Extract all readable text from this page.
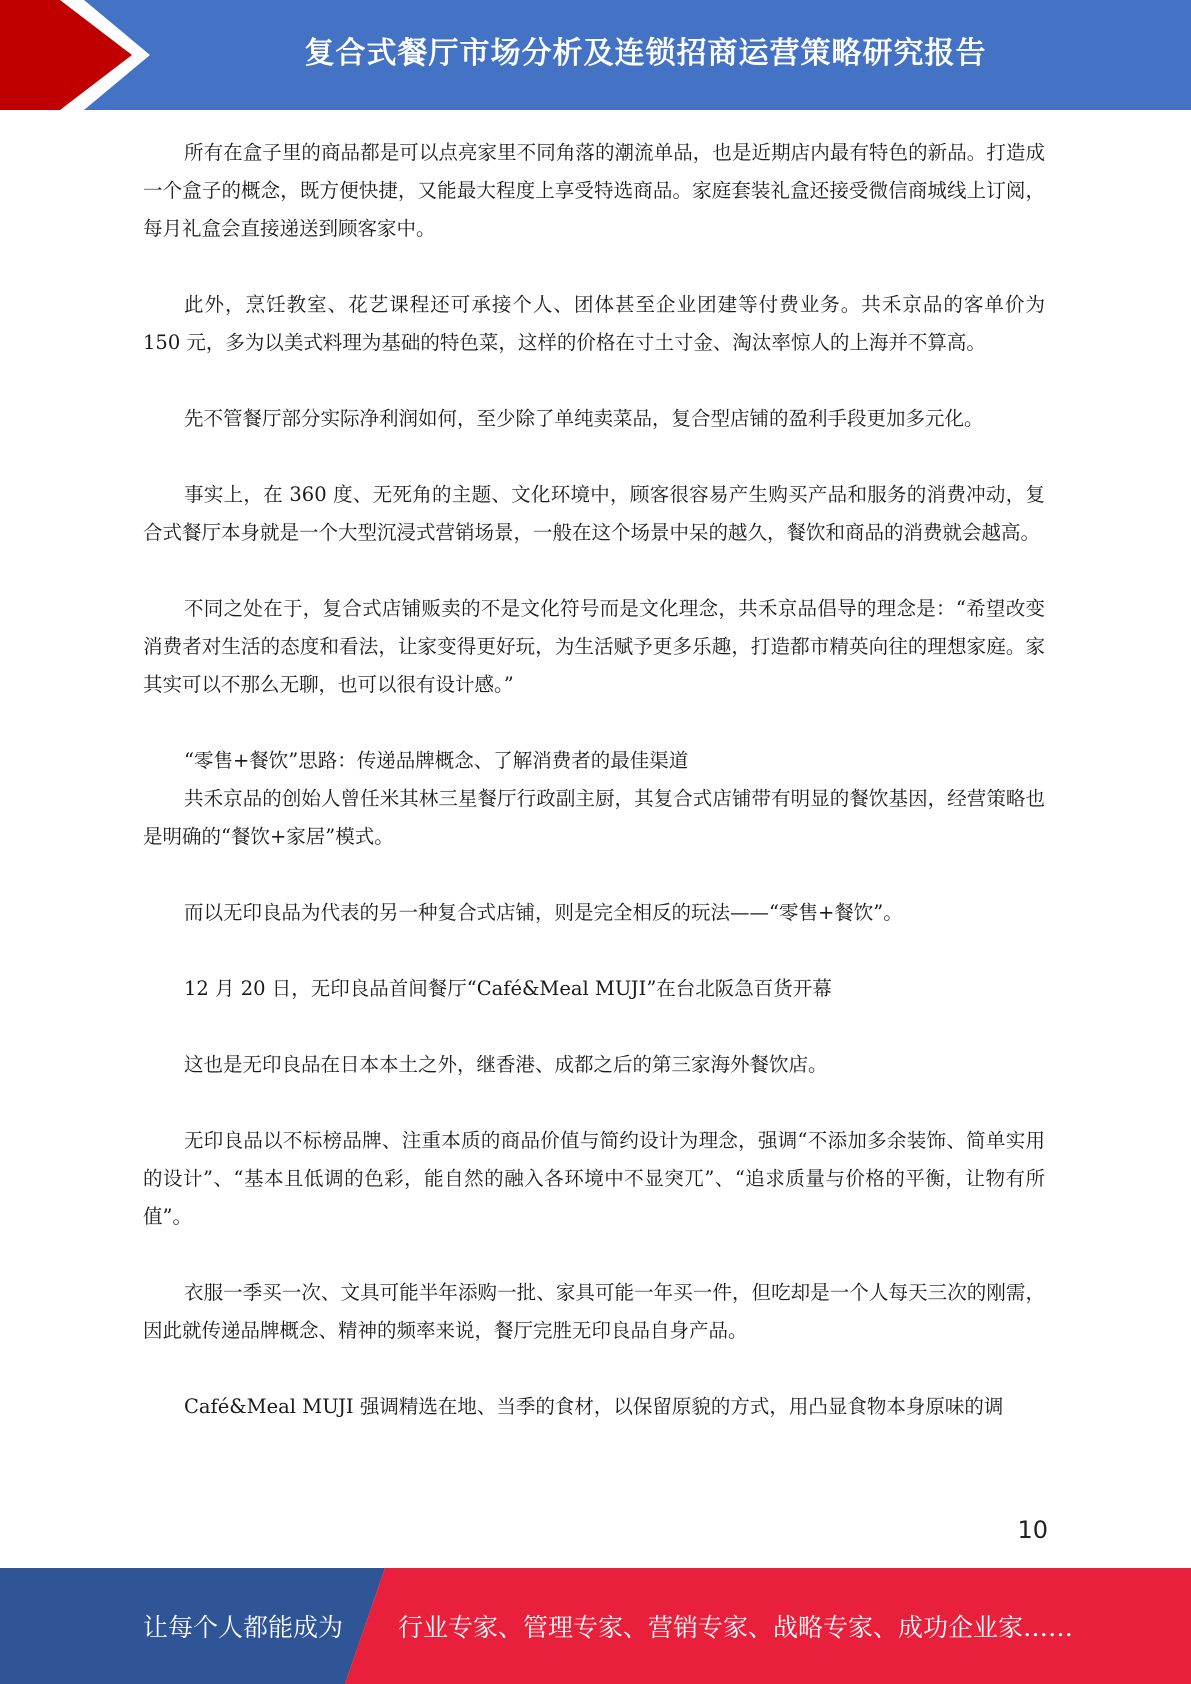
复合式餐厅市场分析及连锁招商运营策略研究报告

所有在盒子里的商品都是可以点亮家里不同角落的潮流单品，也是近期店内最有特色的新品。打造成一个盒子的概念，既方便快捷，又能最大程度上享受特选商品。家庭套装礼盒还接受微信商城线上订阅，每月礼盒会直接递送到顾客家中。

此外，烹饪教室、花艺课程还可承接个人、团体甚至企业团建等付费业务。共禾京品的客单价为 150 元，多为以美式料理为基础的特色菜，这样的价格在寸土寸金、淘汰率惊人的上海并不算高。

先不管餐厅部分实际净利润如何，至少除了单纯卖菜品，复合型店铺的盈利手段更加多元化。

事实上，在 360 度、无死角的主题、文化环境中，顾客很容易产生购买产品和服务的消费冲动，复合式餐厅本身就是一个大型沉浸式营销场景，一般在这个场景中呆的越久，餐饮和商品的消费就会越高。

不同之处在于，复合式店铺贩卖的不是文化符号而是文化理念，共禾京品倡导的理念是：“希望改变消费者对生活的态度和看法，让家变得更好玩，为生活赋予更多乐趣，打造都市精英向往的理想家庭。家其实可以不那么无聊，也可以很有设计感。”

“零售+餐饮”思路：传递品牌概念、了解消费者的最佳渠道

共禾京品的创始人曾任米其林三星餐厅行政副主厨，其复合式店铺带有明显的餐饮基因，经营策略也是明确的“餐饮+家居”模式。

而以无印良品为代表的另一种复合式店铺，则是完全相反的玩法——“零售+餐饮”。

12 月 20 日，无印良品首间餐厅“Café&Meal MUJI”在台北阪急百货开幕

这也是无印良品在日本本土之外，继香港、成都之后的第三家海外餐饮店。

无印良品以不标榜品牌、注重本质的商品价值与简约设计为理念，强调“不添加多余装饰、简单实用的设计”、“基本且低调的色彩，能自然的融入各环境中不显突兀”、“追求质量与价格的平衡，让物有所值”。

衣服一季买一次、文具可能半年添购一批、家具可能一年买一件，但吃却是一个人每天三次的刚需，因此就传递品牌概念、精神的频率来说，餐厅完胜无印良品自身产品。

Café&Meal MUJI 强调精选在地、当季的食材，以保留原貌的方式，用凸显食物本身原味的调

10
让每个人都能成为 行业专家、管理专家、营销专家、战略专家、成功企业家……
